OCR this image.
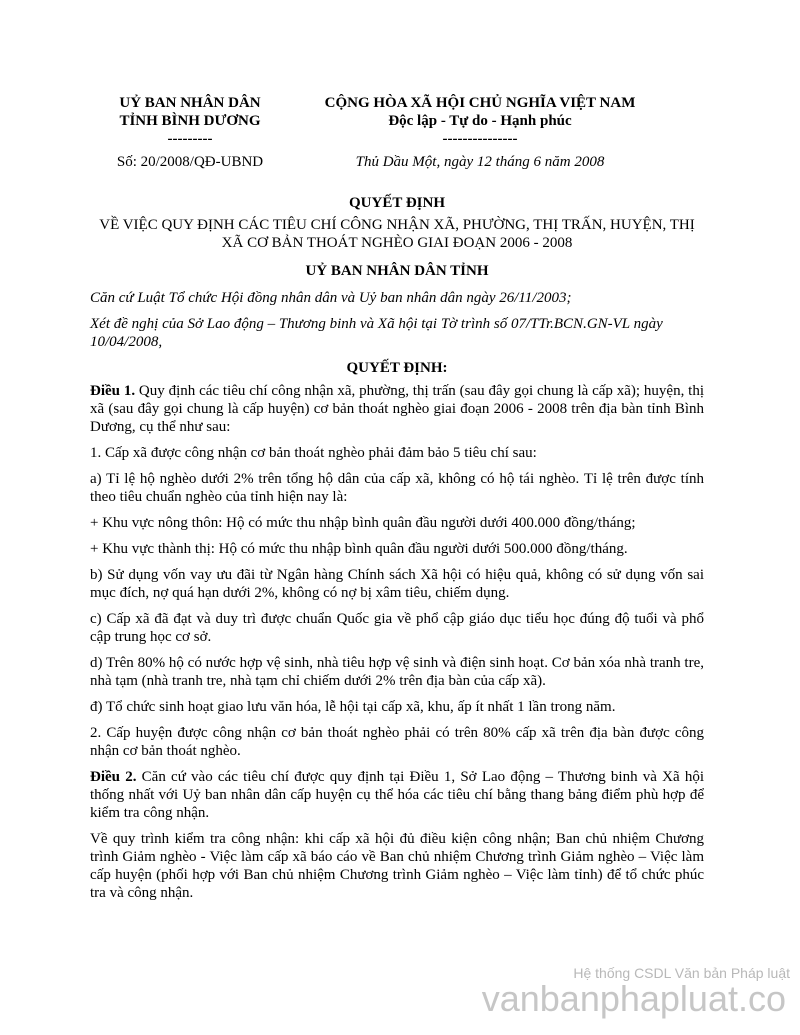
UỶ BAN NHÂN DÂN
TỈNH BÌNH DƯƠNG
---------
Số: 20/2008/QĐ-UBND
CỘNG HÒA XÃ HỘI CHỦ NGHĨA VIỆT NAM
Độc lập - Tự do - Hạnh phúc
---------------
Thủ Dầu Một, ngày 12 tháng 6 năm 2008
QUYẾT ĐỊNH
VỀ VIỆC QUY ĐỊNH CÁC TIÊU CHÍ CÔNG NHẬN XÃ, PHƯỜNG, THỊ TRẤN, HUYỆN, THỊ XÃ CƠ BẢN THOÁT NGHÈO GIAI ĐOẠN 2006 - 2008
UỶ BAN NHÂN DÂN TỈNH
Căn cứ Luật Tổ chức Hội đồng nhân dân và Uỷ ban nhân dân ngày 26/11/2003;
Xét đề nghị của Sở Lao động – Thương binh và Xã hội tại Tờ trình số 07/TTr.BCN.GN-VL ngày 10/04/2008,
QUYẾT ĐỊNH:

Điều 1. Quy định các tiêu chí công nhận xã, phường, thị trấn (sau đây gọi chung là cấp xã); huyện, thị xã (sau đây gọi chung là cấp huyện) cơ bản thoát nghèo giai đoạn 2006 - 2008 trên địa bàn tỉnh Bình Dương, cụ thể như sau:

1. Cấp xã được công nhận cơ bản thoát nghèo phải đảm bảo 5 tiêu chí sau:

a) Tỉ lệ hộ nghèo dưới 2% trên tổng hộ dân của cấp xã, không có hộ tái nghèo. Tỉ lệ trên được tính theo tiêu chuẩn nghèo của tỉnh hiện nay là:

+ Khu vực nông thôn: Hộ có mức thu nhập bình quân đầu người dưới 400.000 đồng/tháng;

+ Khu vực thành thị: Hộ có mức thu nhập bình quân đầu người dưới 500.000 đồng/tháng.

b) Sử dụng vốn vay ưu đãi từ Ngân hàng Chính sách Xã hội có hiệu quả, không có sử dụng vốn sai mục đích, nợ quá hạn dưới 2%, không có nợ bị xâm tiêu, chiếm dụng.

c) Cấp xã đã đạt và duy trì được chuẩn Quốc gia về phổ cập giáo dục tiểu học đúng độ tuổi và phổ cập trung học cơ sở.

d) Trên 80% hộ có nước hợp vệ sinh, nhà tiêu hợp vệ sinh và điện sinh hoạt. Cơ bản xóa nhà tranh tre, nhà tạm (nhà tranh tre, nhà tạm chỉ chiếm dưới 2% trên địa bàn của cấp xã).

đ) Tổ chức sinh hoạt giao lưu văn hóa, lễ hội tại cấp xã, khu, ấp ít nhất 1 lần trong năm.

2. Cấp huyện được công nhận cơ bản thoát nghèo phải có trên 80% cấp xã trên địa bàn được công nhận cơ bản thoát nghèo.

Điều 2. Căn cứ vào các tiêu chí được quy định tại Điều 1, Sở Lao động – Thương binh và Xã hội thống nhất với Uỷ ban nhân dân cấp huyện cụ thể hóa các tiêu chí bằng thang bảng điểm phù hợp để kiểm tra công nhận.

Về quy trình kiểm tra công nhận: khi cấp xã hội đủ điều kiện công nhận; Ban chủ nhiệm Chương trình Giảm nghèo - Việc làm cấp xã báo cáo về Ban chủ nhiệm Chương trình Giảm nghèo – Việc làm cấp huyện (phối hợp với Ban chủ nhiệm Chương trình Giảm nghèo – Việc làm tỉnh) để tổ chức phúc tra và công nhận.

Hệ thống CSDL Văn bản Pháp luật
vanbanphapluat.co
